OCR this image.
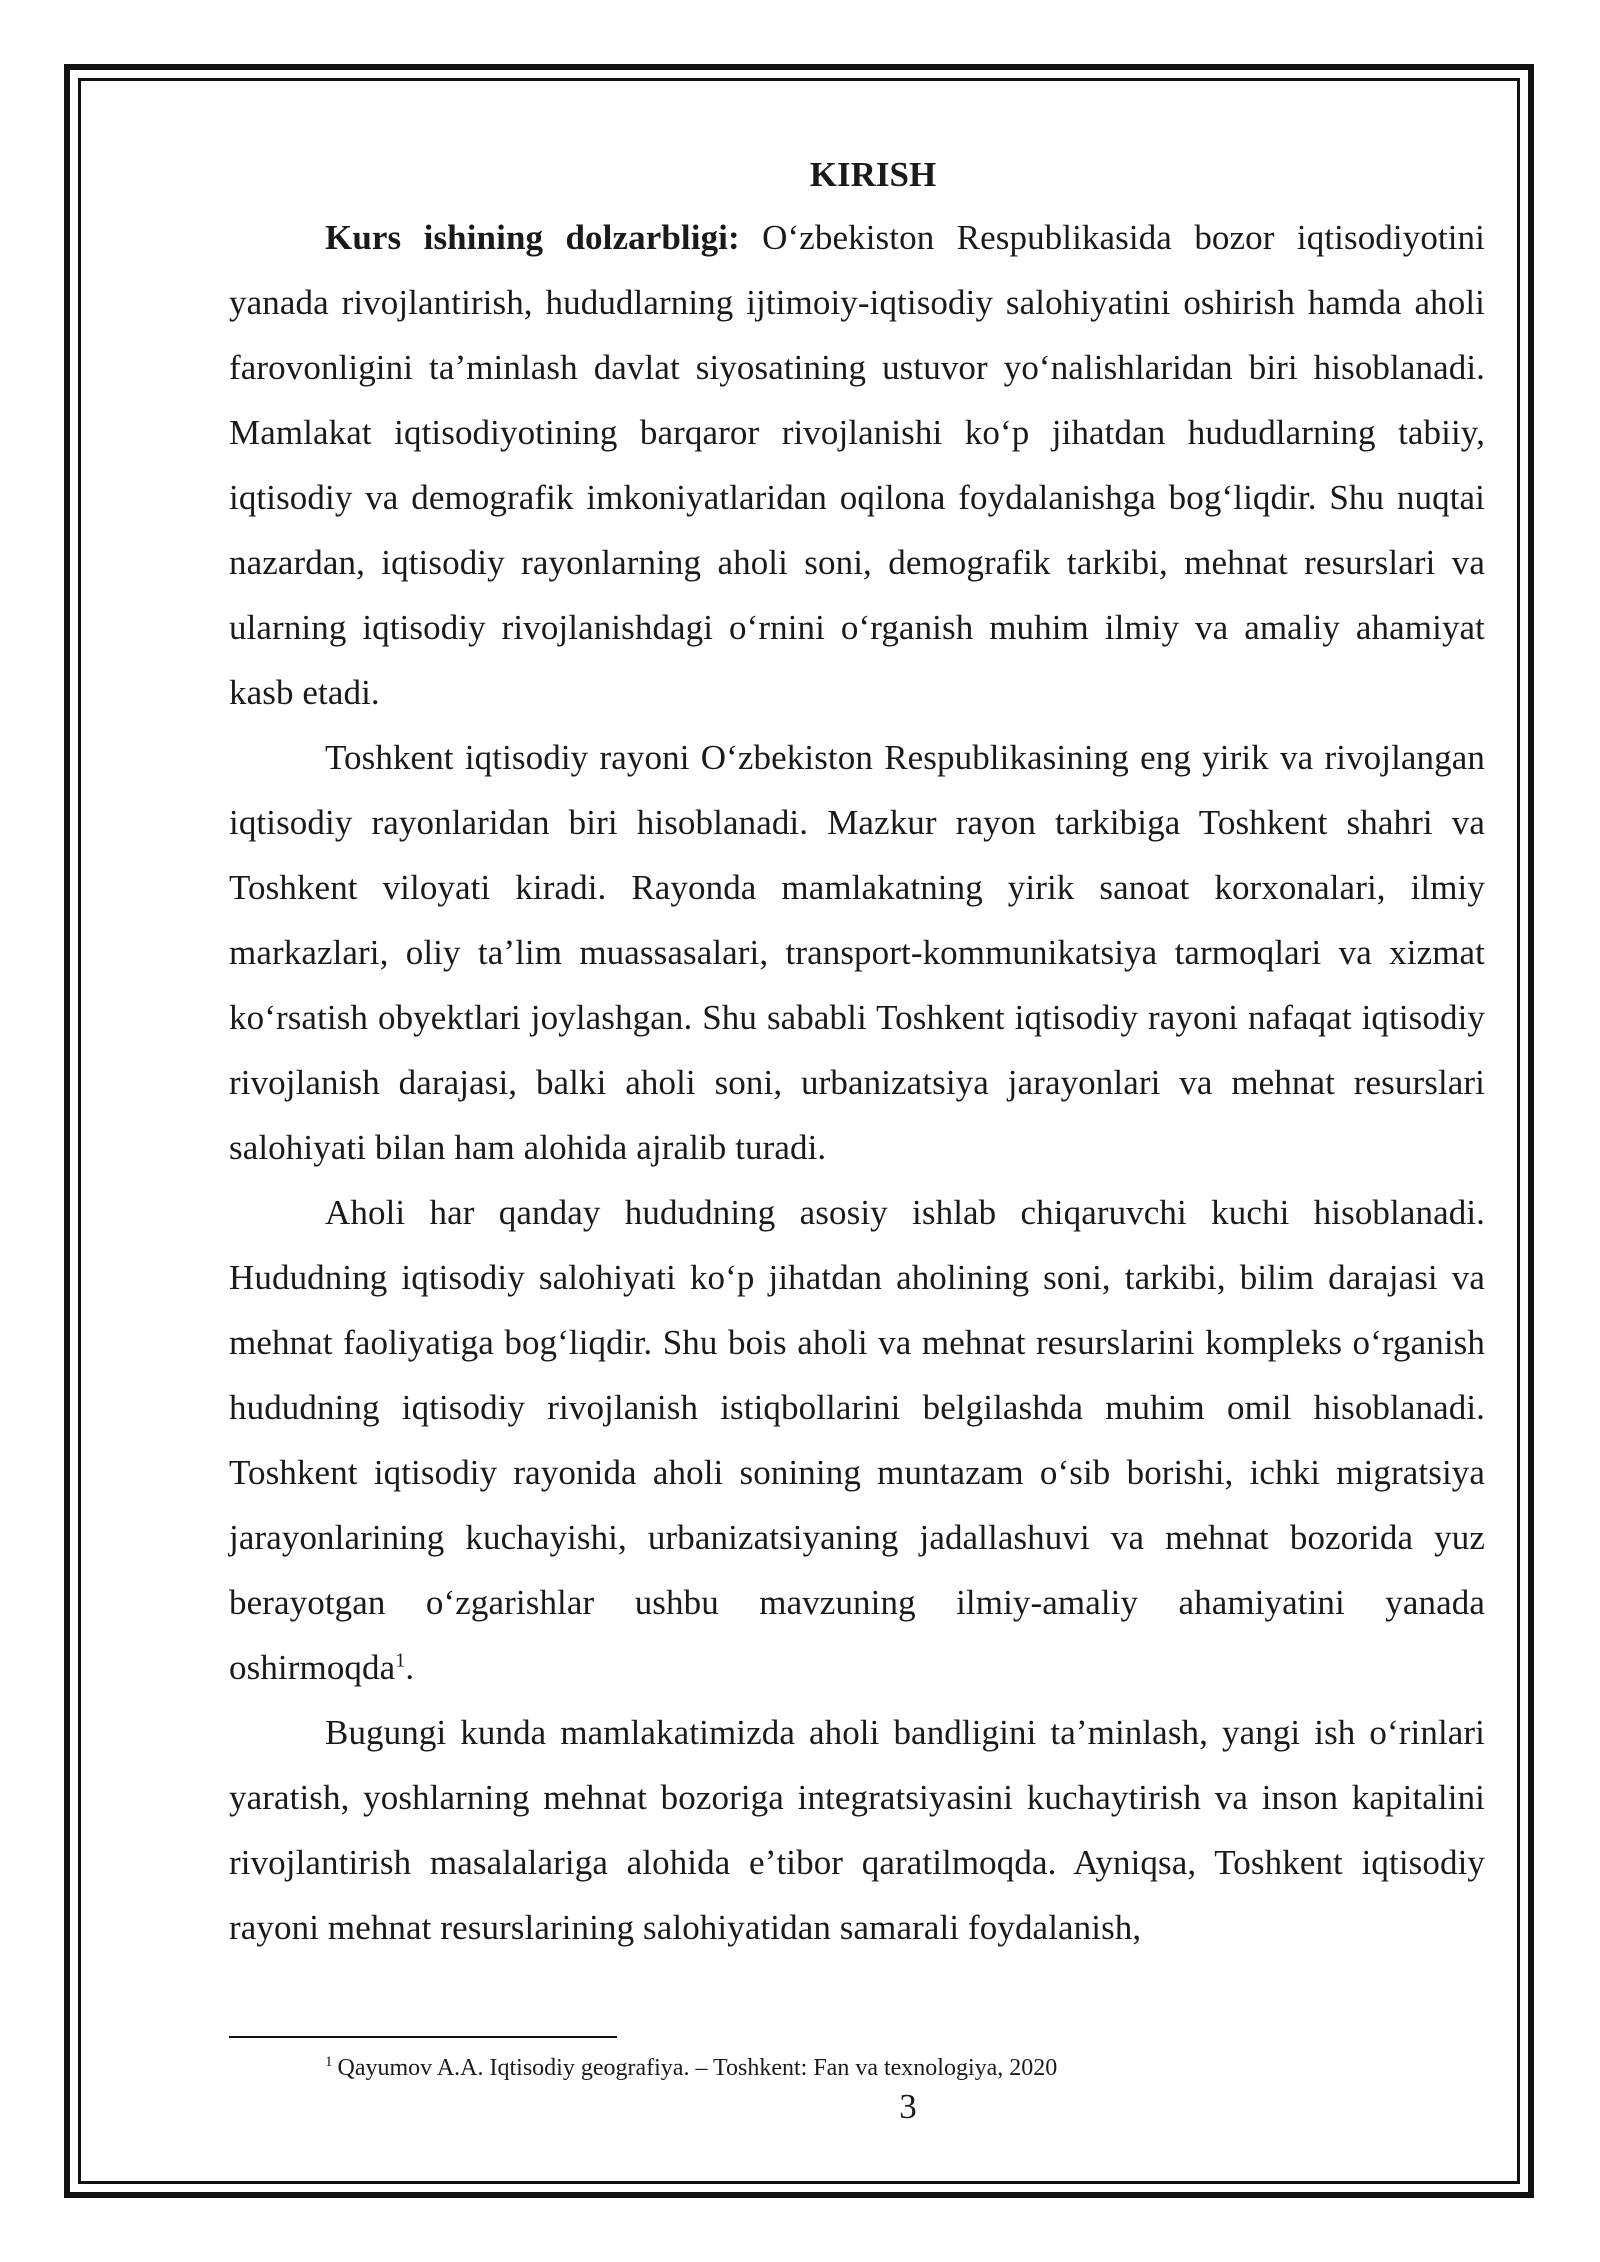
KIRISH

Kurs ishining dolzarbligi: Oʻzbekiston Respublikasida bozor iqtisodiyotini yanada rivojlantirish, hududlarning ijtimoiy-iqtisodiy salohiyatini oshirish hamda aholi farovonligini taʼminlash davlat siyosatining ustuvor yoʻnalishlaridan biri hisoblanadi. Mamlakat iqtisodiyotining barqaror rivojlanishi koʻp jihatdan hududlarning tabiiy, iqtisodiy va demografik imkoniyatlaridan oqilona foydalanishga bogʻliqdir. Shu nuqtai nazardan, iqtisodiy rayonlarning aholi soni, demografik tarkibi, mehnat resurslari va ularning iqtisodiy rivojlanishdagi oʻrnini oʻrganish muhim ilmiy va amaliy ahamiyat kasb etadi.

Toshkent iqtisodiy rayoni Oʻzbekiston Respublikasining eng yirik va rivojlangan iqtisodiy rayonlaridan biri hisoblanadi. Mazkur rayon tarkibiga Toshkent shahri va Toshkent viloyati kiradi. Rayonda mamlakatning yirik sanoat korxonalari, ilmiy markazlari, oliy taʼlim muassasalari, transport-kommunikatsiya tarmoqlari va xizmat koʻrsatish obyektlari joylashgan. Shu sababli Toshkent iqtisodiy rayoni nafaqat iqtisodiy rivojlanish darajasi, balki aholi soni, urbanizatsiya jarayonlari va mehnat resurslari salohiyati bilan ham alohida ajralib turadi.

Aholi har qanday hududning asosiy ishlab chiqaruvchi kuchi hisoblanadi. Hududning iqtisodiy salohiyati koʻp jihatdan aholining soni, tarkibi, bilim darajasi va mehnat faoliyatiga bogʻliqdir. Shu bois aholi va mehnat resurslarini kompleks oʻrganish hududning iqtisodiy rivojlanish istiqbollarini belgilashda muhim omil hisoblanadi. Toshkent iqtisodiy rayonida aholi sonining muntazam oʻsib borishi, ichki migratsiya jarayonlarining kuchayishi, urbanizatsiyaning jadallashuvi va mehnat bozorida yuz berayotgan oʻzgarishlar ushbu mavzuning ilmiy-amaliy ahamiyatini yanada oshirmoqda$^1$.

Bugungi kunda mamlakatimizda aholi bandligini taʼminlash, yangi ish oʻrinlari yaratish, yoshlarning mehnat bozoriga integratsiyasini kuchaytirish va inson kapitalini rivojlantirish masalalariga alohida eʼtibor qaratilmoqda. Ayniqsa, Toshkent iqtisodiy rayoni mehnat resurslarining salohiyatidan samarali foydalanish,

$^1$ Qayumov A.A. Iqtisodiy geografiya. – Toshkent: Fan va texnologiya, 2020
3
